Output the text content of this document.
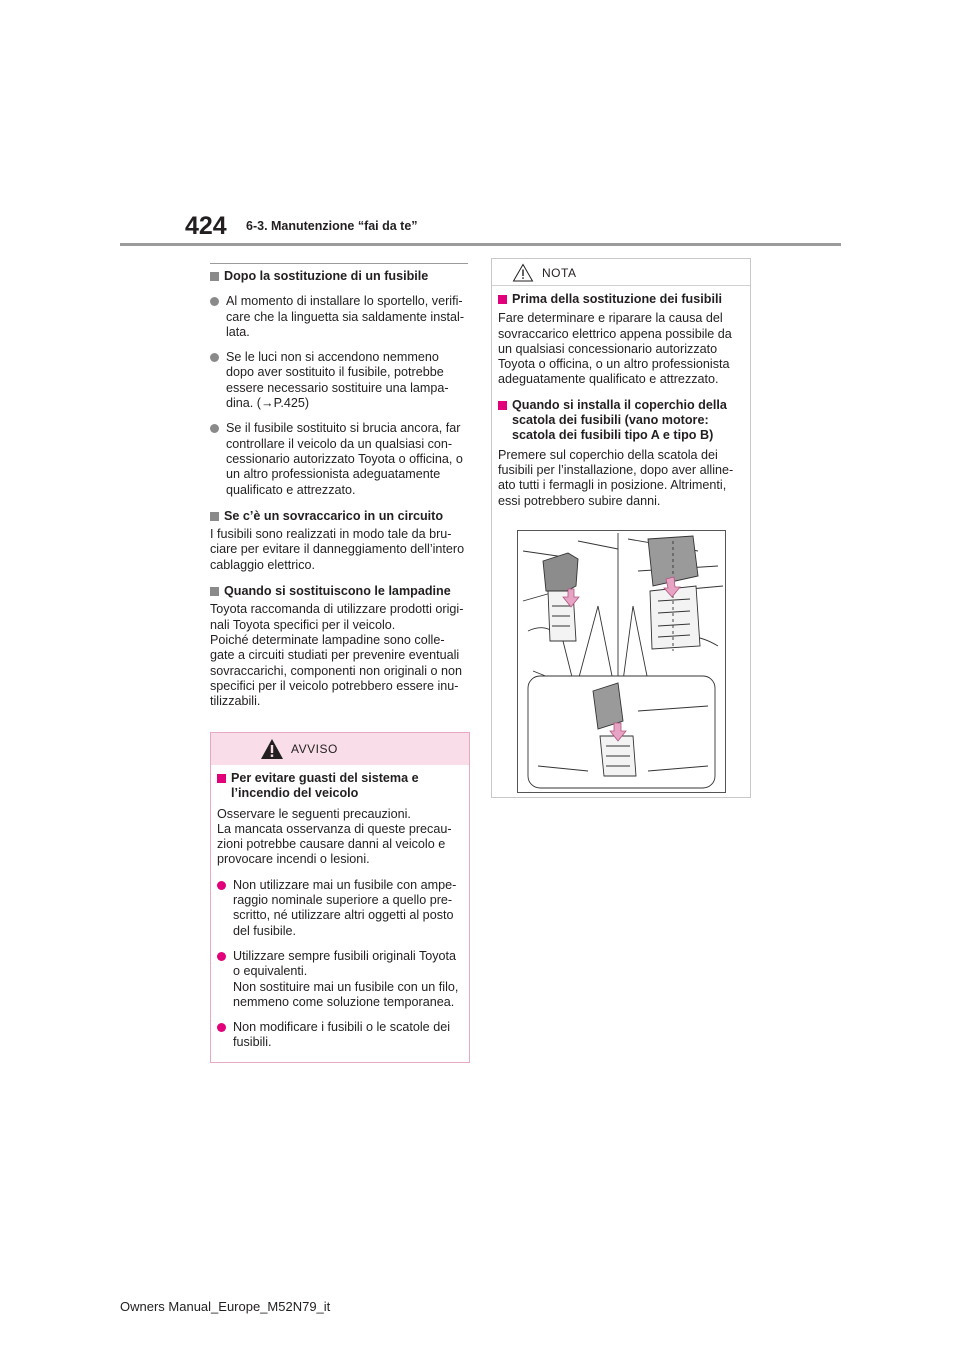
424 6-3. Manutenzione “fai da te”
Dopo la sostituzione di un fusibile
Al momento di installare lo sportello, verifi-
care che la linguetta sia saldamente instal-
lata.
Se le luci non si accendono nemmeno
dopo aver sostituito il fusibile, potrebbe
essere necessario sostituire una lampa-
dina. (→P.425)
Se il fusibile sostituito si brucia ancora, far
controllare il veicolo da un qualsiasi con-
cessionario autorizzato Toyota o officina, o
un altro professionista adeguatamente
qualificato e attrezzato.
Se c’è un sovraccarico in un circuito
I fusibili sono realizzati in modo tale da bru-
ciare per evitare il danneggiamento dell’intero
cablaggio elettrico.
Quando si sostituiscono le lampadine
Toyota raccomanda di utilizzare prodotti origi-
nali Toyota specifici per il veicolo.
Poiché determinate lampadine sono colle-
gate a circuiti studiati per prevenire eventuali
sovraccarichi, componenti non originali o non
specifici per il veicolo potrebbero essere inu-
tilizzabili.
AVVISO
Per evitare guasti del sistema e
l’incendio del veicolo
Osservare le seguenti precauzioni.
La mancata osservanza di queste precau-
zioni potrebbe causare danni al veicolo e
provocare incendi o lesioni.
Non utilizzare mai un fusibile con ampe-
raggio nominale superiore a quello pre-
scritto, né utilizzare altri oggetti al posto
del fusibile.
Utilizzare sempre fusibili originali Toyota
o equivalenti.
Non sostituire mai un fusibile con un filo,
nemmeno come soluzione temporanea.
Non modificare i fusibili o le scatole dei
fusibili.
NOTA
Prima della sostituzione dei fusibili
Fare determinare e riparare la causa del
sovraccarico elettrico appena possibile da
un qualsiasi concessionario autorizzato
Toyota o officina, o un altro professionista
adeguatamente qualificato e attrezzato.
Quando si installa il coperchio della
scatola dei fusibili (vano motore:
scatola dei fusibili tipo A e tipo B)
Premere sul coperchio della scatola dei
fusibili per l’installazione, dopo aver alline-
ato tutti i fermagli in posizione. Altrimenti,
essi potrebbero subire danni.
Owners Manual_Europe_M52N79_it
